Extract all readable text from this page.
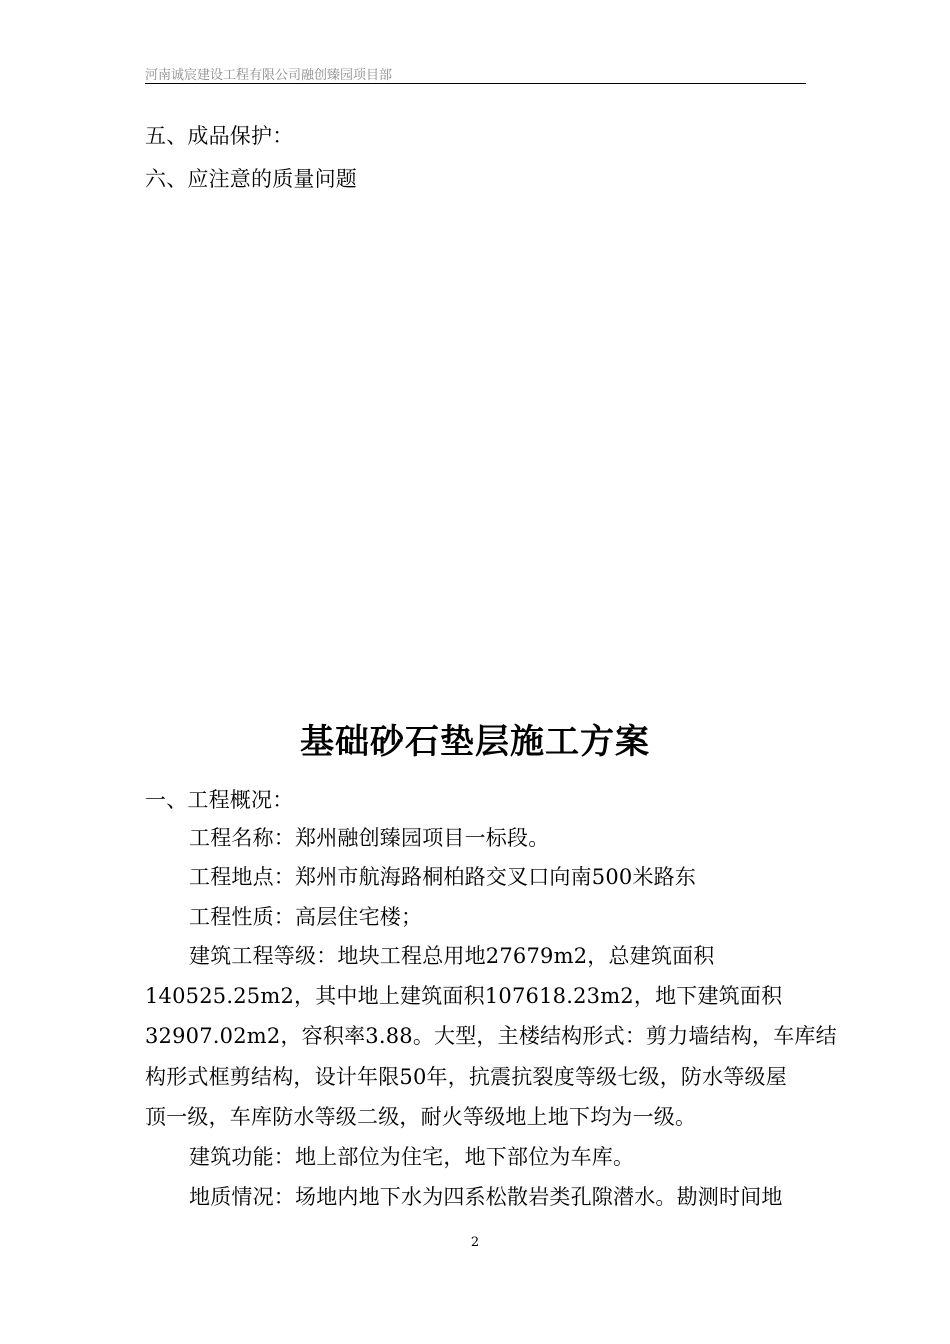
河南诚宸建设工程有限公司融创臻园项目部
五、成品保护：
六、应注意的质量问题
基础砂石垫层施工方案
一、工程概况：
工程名称：郑州融创臻园项目一标段。
工程地点：郑州市航海路桐柏路交叉口向南500米路东
工程性质：高层住宅楼；
建筑工程等级：地块工程总用地27679m2，总建筑面积
140525.25m2，其中地上建筑面积107618.23m2，地下建筑面积
32907.02m2，容积率3.88。大型，主楼结构形式：剪力墙结构，车库结
构形式框剪结构，设计年限50年，抗震抗裂度等级七级，防水等级屋
顶一级，车库防水等级二级，耐火等级地上地下均为一级。
建筑功能：地上部位为住宅，地下部位为车库。
地质情况：场地内地下水为四系松散岩类孔隙潜水。勘测时间地
2
